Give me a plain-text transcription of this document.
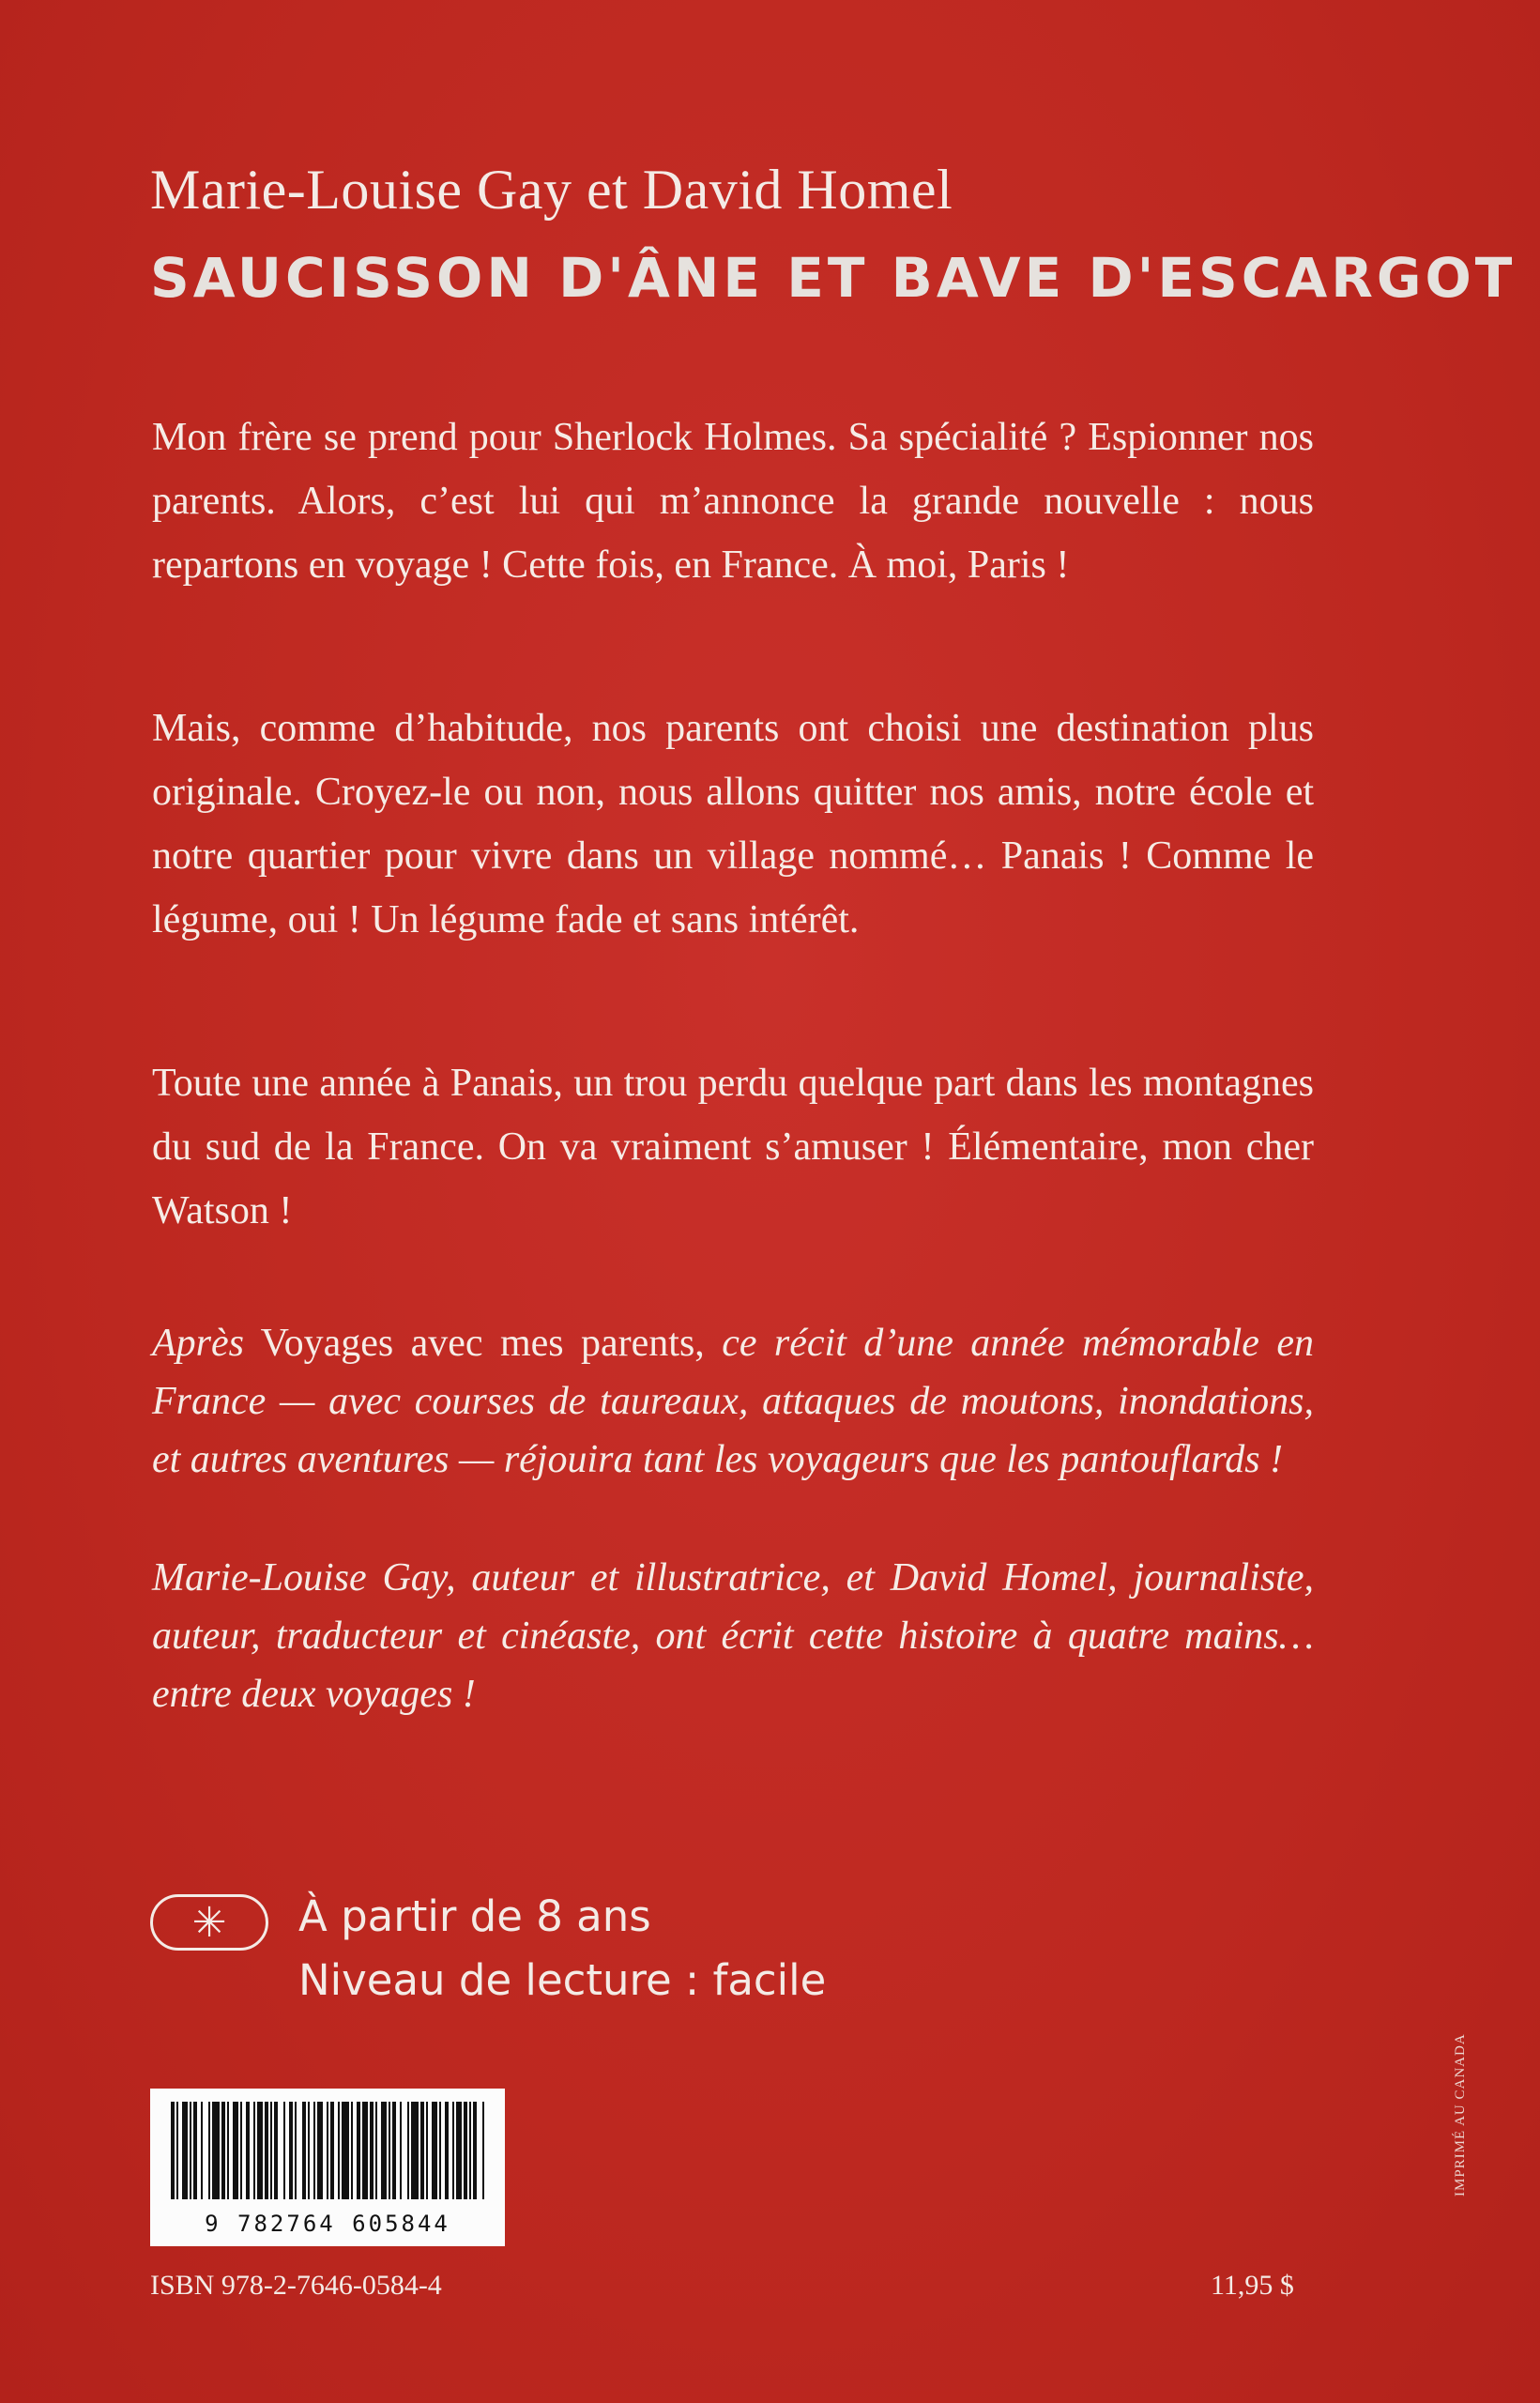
Marie-Louise Gay et David Homel
SAUCISSON D'ÂNE ET BAVE D'ESCARGOT

Mon frère se prend pour Sherlock Holmes. Sa spécialité ? Espionner nos parents. Alors, c’est lui qui m’annonce la grande nouvelle : nous repartons en voyage ! Cette fois, en France. À moi, Paris !

Mais, comme d’habitude, nos parents ont choisi une destination plus originale. Croyez-le ou non, nous allons quitter nos amis, notre école et notre quartier pour vivre dans un village nommé… Panais ! Comme le légume, oui ! Un légume fade et sans intérêt.

Toute une année à Panais, un trou perdu quelque part dans les montagnes du sud de la France. On va vraiment s’amuser ! Élémentaire, mon cher Watson !

Après Voyages avec mes parents, ce récit d’une année mémorable en France — avec courses de taureaux, attaques de moutons, inondations, et autres aventures — réjouira tant les voyageurs que les pantouflards !

Marie-Louise Gay, auteur et illustratrice, et David Homel, journaliste, auteur, traducteur et cinéaste, ont écrit cette histoire à quatre mains… entre deux voyages !

✳ À partir de 8 ans
Niveau de lecture : facile
9 782764 605844
ISBN 978-2-7646-0584-4	11,95 $
IMPRIMÉ AU CANADA
